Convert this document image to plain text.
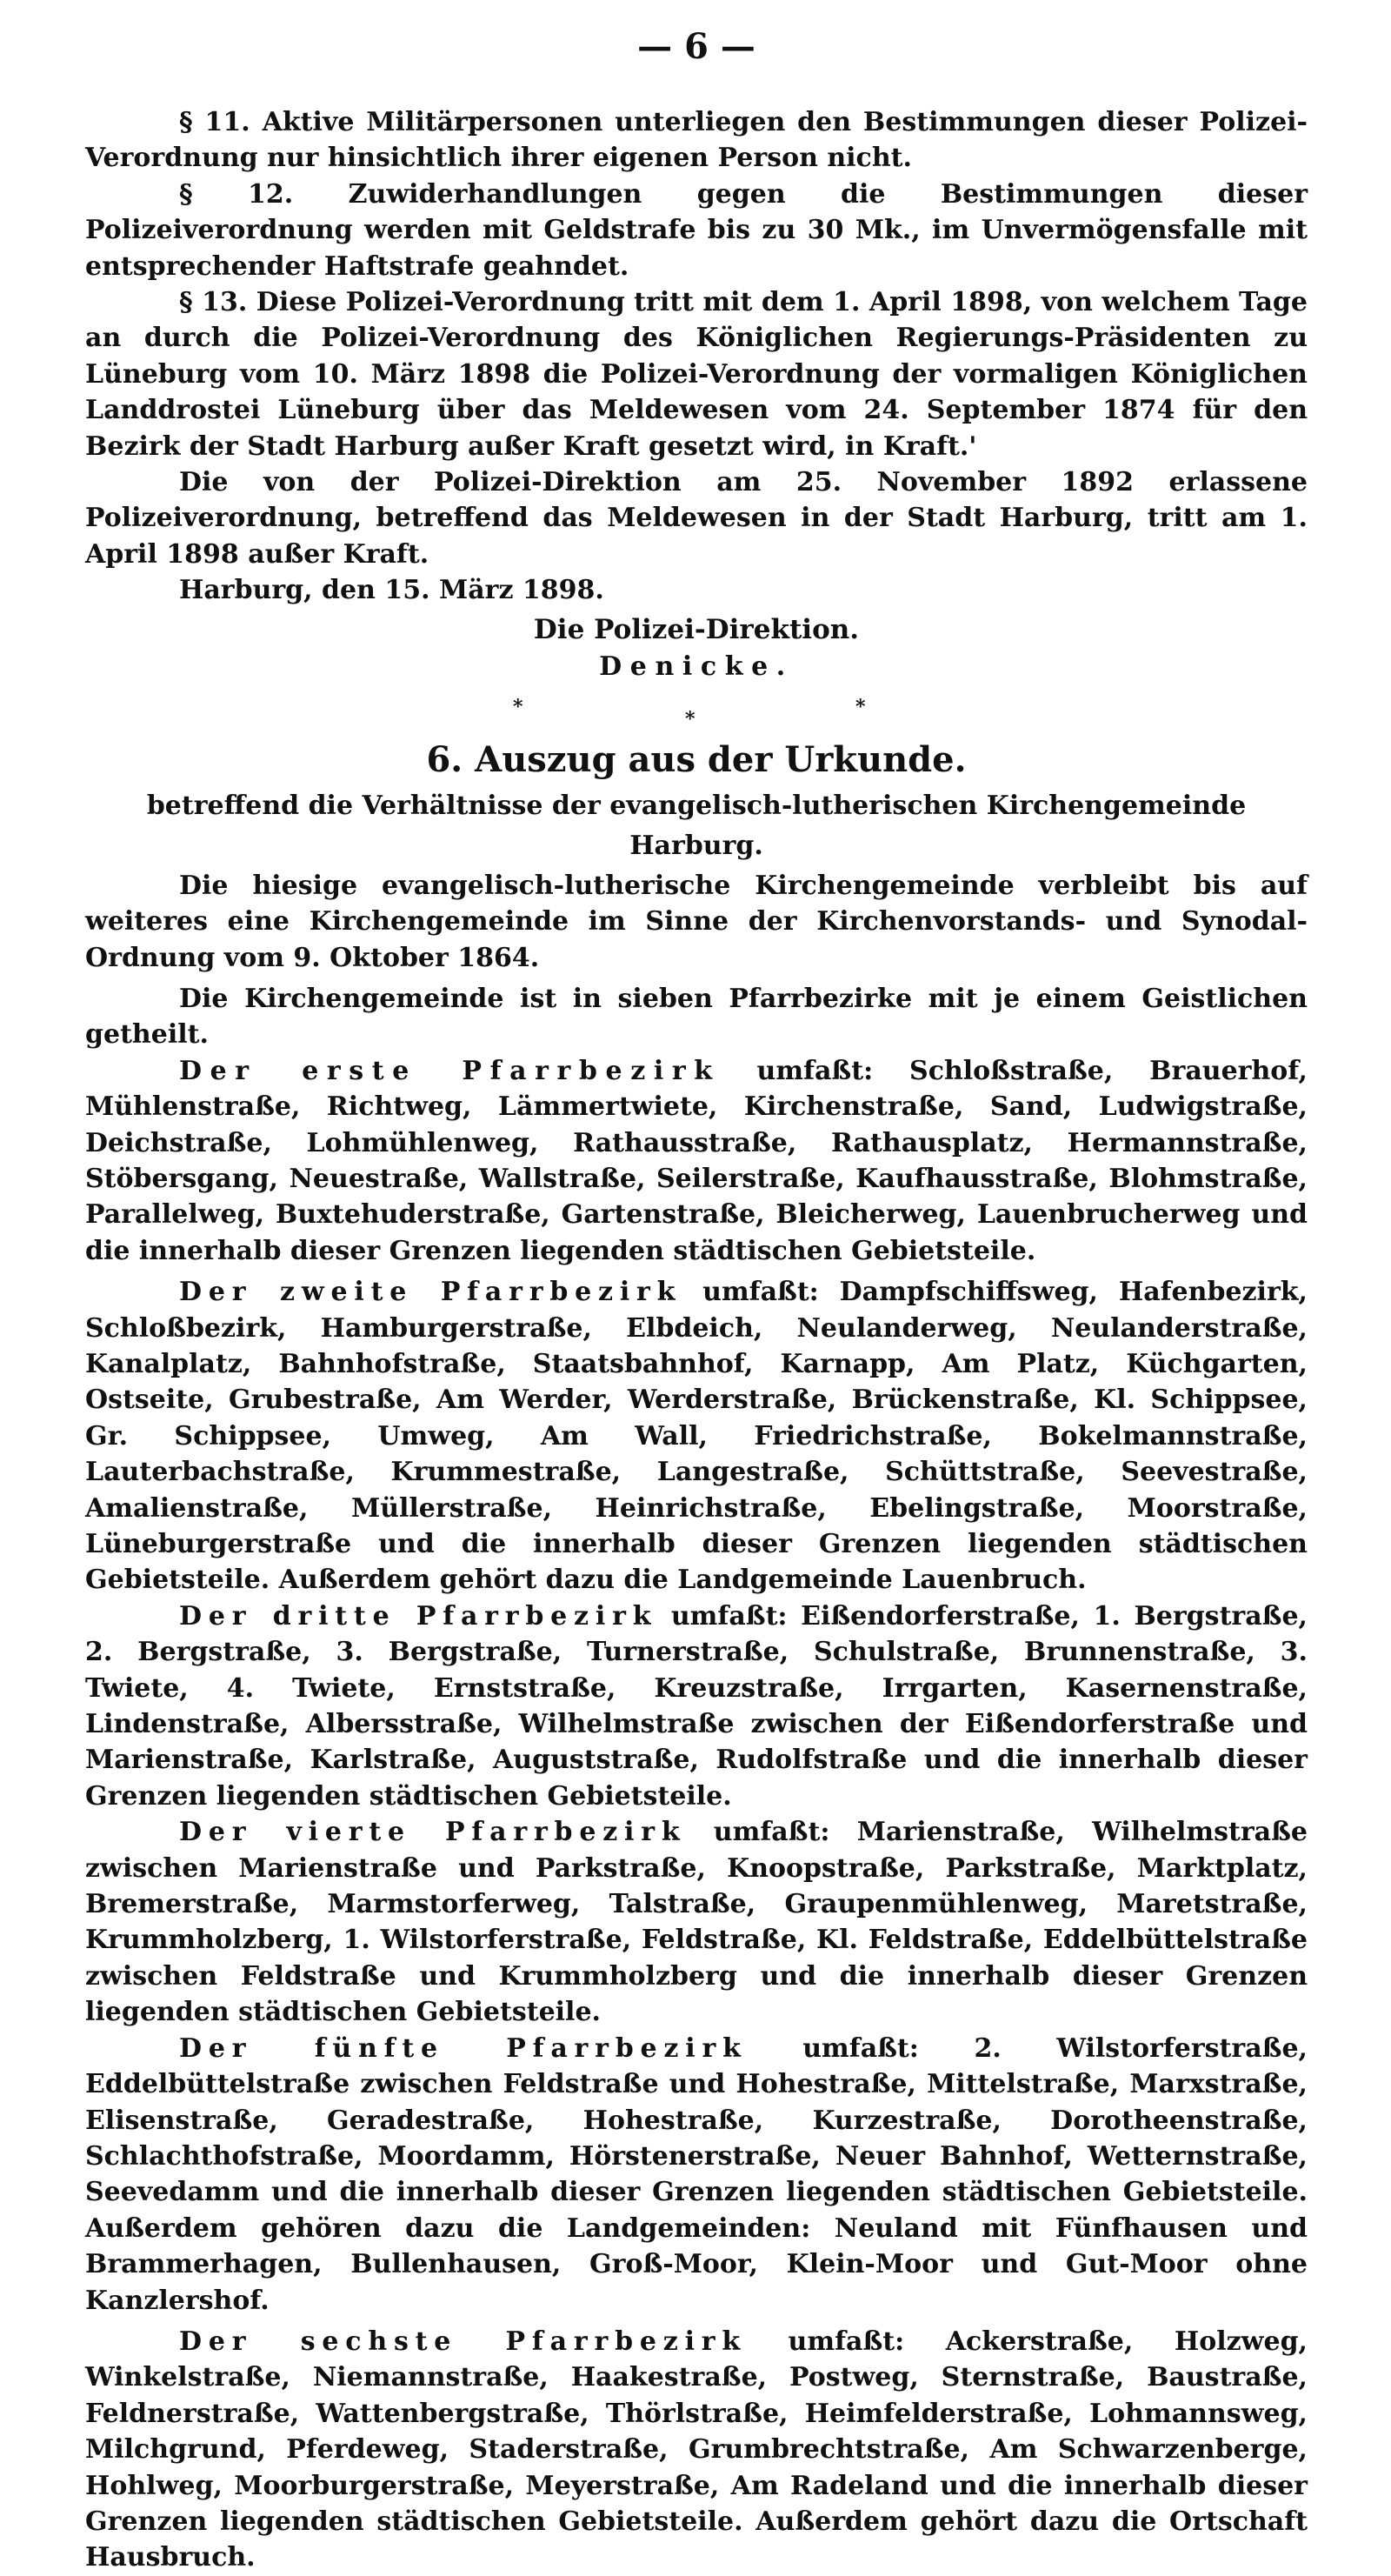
— 6 —

§ 11. Aktive Militärpersonen unterliegen den Bestimmungen dieser Polizei-Verordnung nur hinsichtlich ihrer eigenen Person nicht.

§ 12. Zuwiderhandlungen gegen die Bestimmungen dieser Polizeiverordnung werden mit Geldstrafe bis zu 30 Mk., im Unvermögensfalle mit entsprechender Haftstrafe geahndet.

§ 13. Diese Polizei-Verordnung tritt mit dem 1. April 1898, von welchem Tage an durch die Polizei-Verordnung des Königlichen Regierungs-Präsidenten zu Lüneburg vom 10. März 1898 die Polizei-Verordnung der vormaligen Königlichen Landdrostei Lüneburg über das Meldewesen vom 24. September 1874 für den Bezirk der Stadt Harburg außer Kraft gesetzt wird, in Kraft.'

Die von der Polizei-Direktion am 25. November 1892 erlassene Polizeiverordnung, betreffend das Meldewesen in der Stadt Harburg, tritt am 1. April 1898 außer Kraft.

Harburg, den 15. März 1898.

Die Polizei-Direktion.
Denicke.
*
*
*
6. Auszug aus der Urkunde.
betreffend die Verhältnisse der evangelisch-lutherischen Kirchengemeinde Harburg.

Die hiesige evangelisch-lutherische Kirchengemeinde verbleibt bis auf weiteres eine Kirchengemeinde im Sinne der Kirchenvorstands- und Synodal-Ordnung vom 9. Oktober 1864.

Die Kirchengemeinde ist in sieben Pfarrbezirke mit je einem Geistlichen getheilt.

Der erste Pfarrbezirk umfaßt: Schloßstraße, Brauerhof, Mühlenstraße, Richtweg, Lämmertwiete, Kirchenstraße, Sand, Ludwigstraße, Deichstraße, Lohmühlenweg, Rathausstraße, Rathausplatz, Hermannstraße, Stöbersgang, Neuestraße, Wallstraße, Seilerstraße, Kaufhausstraße, Blohmstraße, Parallelweg, Buxtehuderstraße, Gartenstraße, Bleicherweg, Lauenbrucherweg und die innerhalb dieser Grenzen liegenden städtischen Gebietsteile.

Der zweite Pfarrbezirk umfaßt: Dampfschiffsweg, Hafenbezirk, Schloßbezirk, Hamburgerstraße, Elbdeich, Neulanderweg, Neulanderstraße, Kanalplatz, Bahnhofstraße, Staatsbahnhof, Karnapp, Am Platz, Küchgarten, Ostseite, Grubestraße, Am Werder, Werderstraße, Brückenstraße, Kl. Schippsee, Gr. Schippsee, Umweg, Am Wall, Friedrichstraße, Bokelmannstraße, Lauterbachstraße, Krummestraße, Langestraße, Schüttstraße, Seevestraße, Amalienstraße, Müllerstraße, Heinrichstraße, Ebelingstraße, Moorstraße, Lüneburgerstraße und die innerhalb dieser Grenzen liegenden städtischen Gebietsteile. Außerdem gehört dazu die Landgemeinde Lauenbruch.

Der dritte Pfarrbezirk umfaßt: Eißendorferstraße, 1. Bergstraße, 2. Bergstraße, 3. Bergstraße, Turnerstraße, Schulstraße, Brunnenstraße, 3. Twiete, 4. Twiete, Ernststraße, Kreuzstraße, Irrgarten, Kasernenstraße, Lindenstraße, Albersstraße, Wilhelmstraße zwischen der Eißendorferstraße und Marienstraße, Karlstraße, Auguststraße, Rudolfstraße und die innerhalb dieser Grenzen liegenden städtischen Gebietsteile.

Der vierte Pfarrbezirk umfaßt: Marienstraße, Wilhelmstraße zwischen Marienstraße und Parkstraße, Knoopstraße, Parkstraße, Marktplatz, Bremerstraße, Marmstorferweg, Talstraße, Graupenmühlenweg, Maretstraße, Krummholzberg, 1. Wilstorferstraße, Feldstraße, Kl. Feldstraße, Eddelbüttelstraße zwischen Feldstraße und Krummholzberg und die innerhalb dieser Grenzen liegenden städtischen Gebietsteile.

Der fünfte Pfarrbezirk umfaßt: 2. Wilstorferstraße, Eddelbüttelstraße zwischen Feldstraße und Hohestraße, Mittelstraße, Marxstraße, Elisenstraße, Geradestraße, Hohestraße, Kurzestraße, Dorotheenstraße, Schlachthofstraße, Moordamm, Hörstenerstraße, Neuer Bahnhof, Wetternstraße, Seevedamm und die innerhalb dieser Grenzen liegenden städtischen Gebietsteile. Außerdem gehören dazu die Landgemeinden: Neuland mit Fünfhausen und Brammerhagen, Bullenhausen, Groß-Moor, Klein-Moor und Gut-Moor ohne Kanzlershof.

Der sechste Pfarrbezirk umfaßt: Ackerstraße, Holzweg, Winkelstraße, Niemannstraße, Haakestraße, Postweg, Sternstraße, Baustraße, Feldnerstraße, Wattenbergstraße, Thörlstraße, Heimfelderstraße, Lohmannsweg, Milchgrund, Pferdeweg, Staderstraße, Grumbrechtstraße, Am Schwarzenberge, Hohlweg, Moorburgerstraße, Meyerstraße, Am Radeland und die innerhalb dieser Grenzen liegenden städtischen Gebietsteile. Außerdem gehört dazu die Ortschaft Hausbruch.
